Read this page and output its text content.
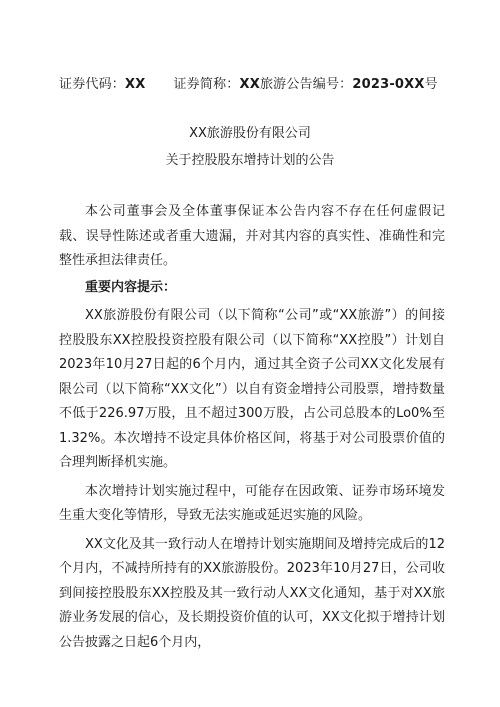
证券代码：XX 证券简称：XX旅游公告编号：2023-0XX号
XX旅游股份有限公司
关于控股股东增持计划的公告

本公司董事会及全体董事保证本公告内容不存在任何虚假记载、误导性陈述或者重大遗漏，并对其内容的真实性、准确性和完整性承担法律责任。

重要内容提示：

XX旅游股份有限公司（以下简称“公司”或“XX旅游”）的间接控股股东XX控股投资控股有限公司（以下简称“XX控股”）计划自2023年10月27日起的6个月内，通过其全资子公司XX文化发展有限公司（以下简称“XX文化”）以自有资金增持公司股票，增持数量不低于226.97万股，且不超过300万股，占公司总股本的Lo0%至1.32%。本次增持不设定具体价格区间，将基于对公司股票价值的合理判断择机实施。

本次增持计划实施过程中，可能存在因政策、证券市场环境发生重大变化等情形，导致无法实施或延迟实施的风险。

XX文化及其一致行动人在增持计划实施期间及增持完成后的12个月内，不减持所持有的XX旅游股份。2023年10月27日，公司收到间接控股股东XX控股及其一致行动人XX文化通知，基于对XX旅游业务发展的信心，及长期投资价值的认可，XX文化拟于增持计划公告披露之日起6个月内，
